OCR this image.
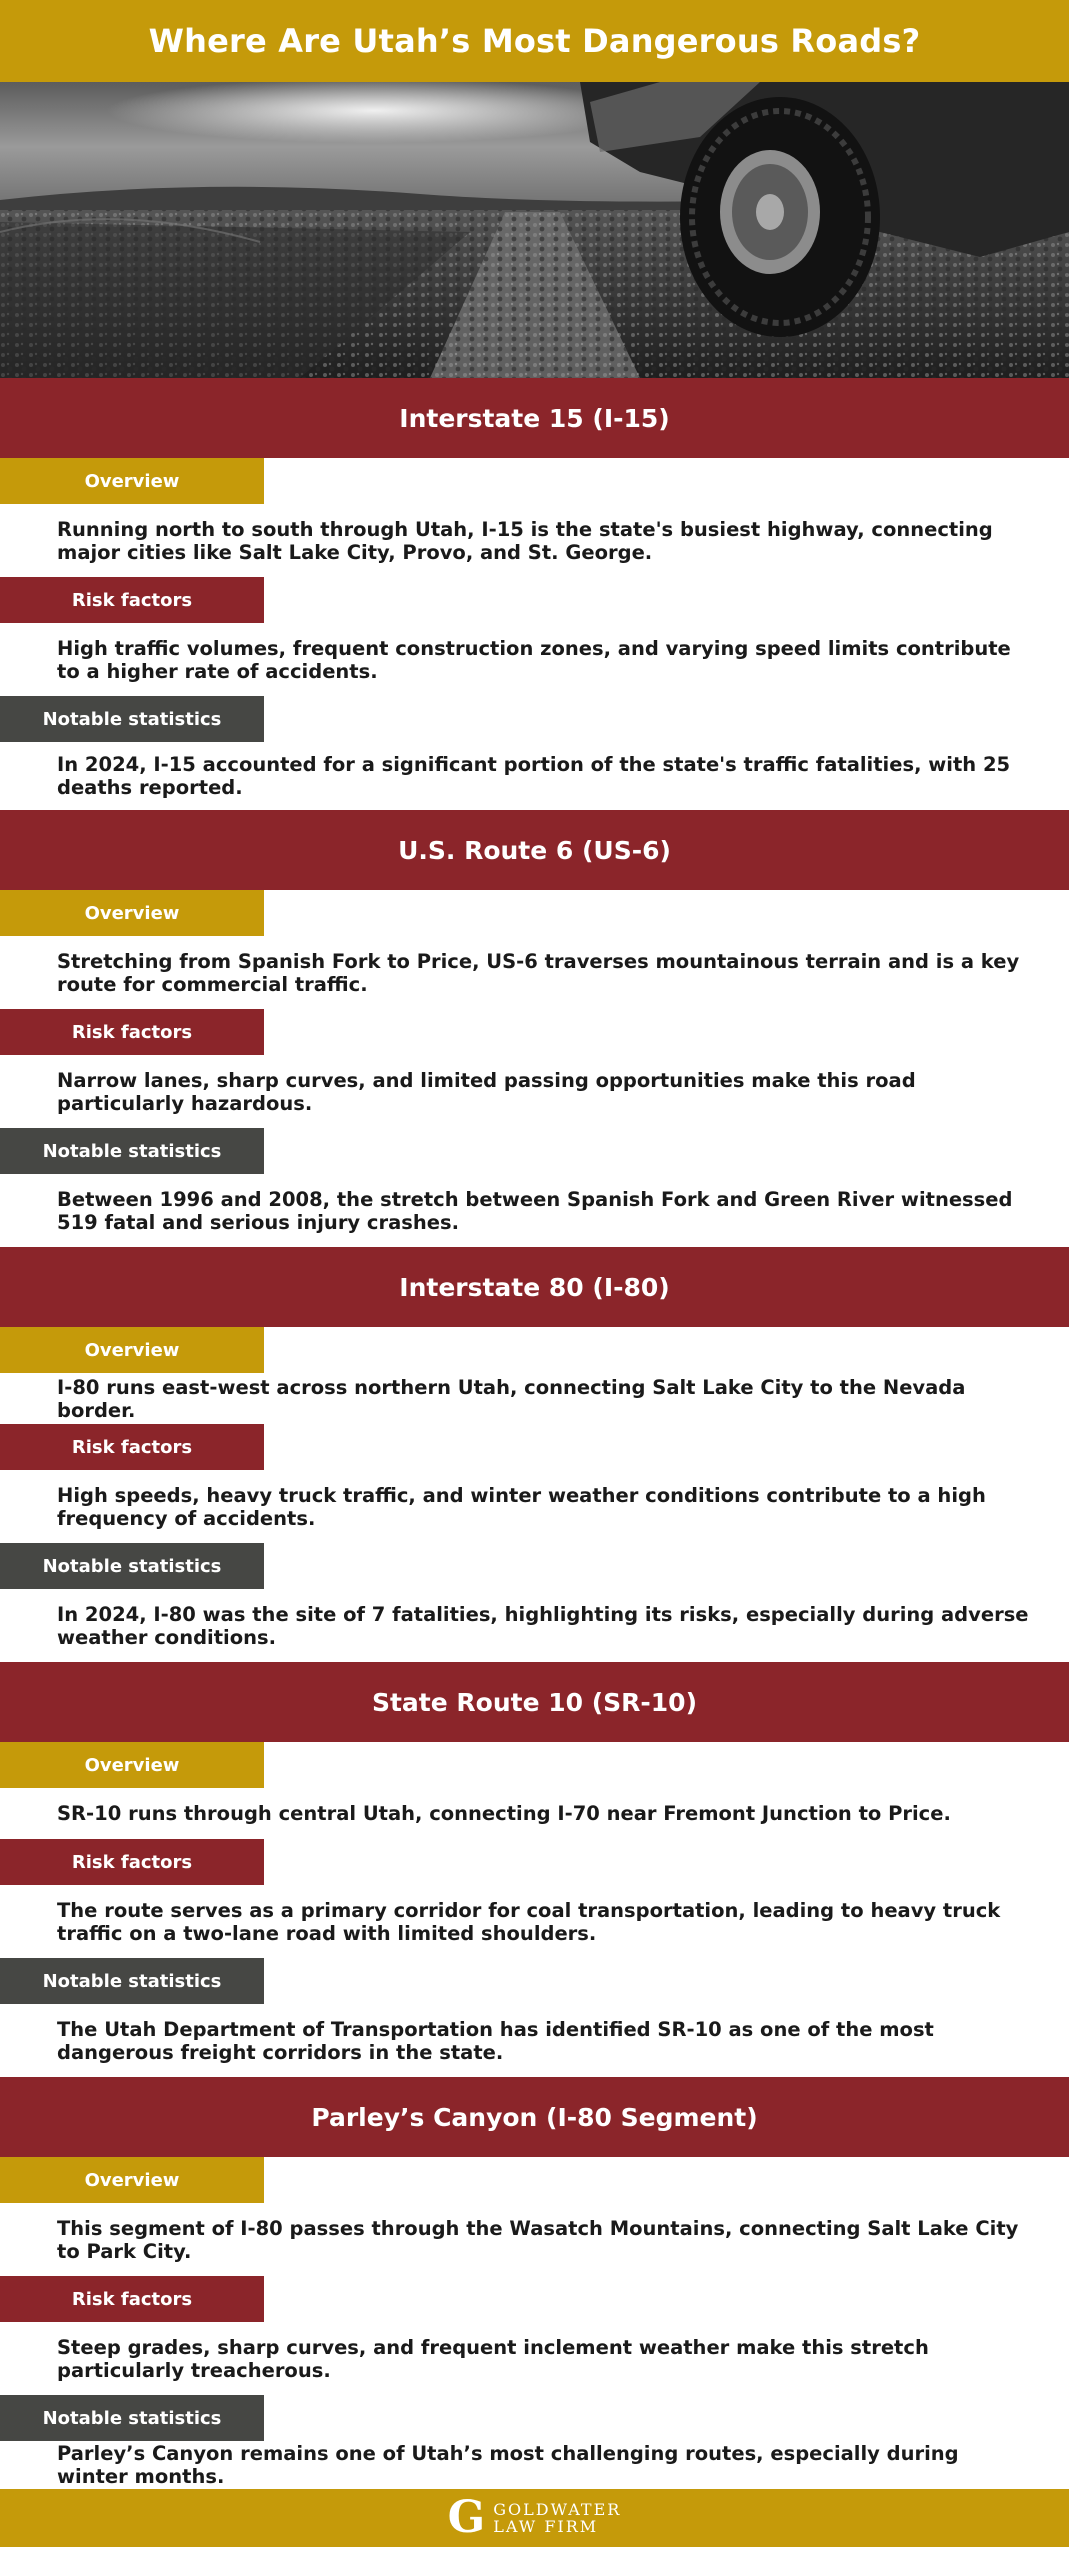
Where Are Utah’s Most Dangerous Roads?
Interstate 15 (I-15)
Overview
Running north to south through Utah, I-15 is the state's busiest highway, connecting major cities like Salt Lake City, Provo, and St. George.
Risk factors
High traffic volumes, frequent construction zones, and varying speed limits contribute to a higher rate of accidents.
Notable statistics
In 2024, I-15 accounted for a significant portion of the state's traffic fatalities, with 25 deaths reported.
U.S. Route 6 (US-6)
Overview
Stretching from Spanish Fork to Price, US-6 traverses mountainous terrain and is a key route for commercial traffic.
Risk factors
Narrow lanes, sharp curves, and limited passing opportunities make this road particularly hazardous.
Notable statistics
Between 1996 and 2008, the stretch between Spanish Fork and Green River witnessed 519 fatal and serious injury crashes.
Interstate 80 (I-80)
Overview
I-80 runs east-west across northern Utah, connecting Salt Lake City to the Nevada border.
Risk factors
High speeds, heavy truck traffic, and winter weather conditions contribute to a high frequency of accidents.
Notable statistics
In 2024, I-80 was the site of 7 fatalities, highlighting its risks, especially during adverse weather conditions.
State Route 10 (SR-10)
Overview
SR-10 runs through central Utah, connecting I-70 near Fremont Junction to Price.
Risk factors
The route serves as a primary corridor for coal transportation, leading to heavy truck traffic on a two-lane road with limited shoulders.
Notable statistics
The Utah Department of Transportation has identified SR-10 as one of the most dangerous freight corridors in the state.
Parley’s Canyon (I-80 Segment)
Overview
This segment of I-80 passes through the Wasatch Mountains, connecting Salt Lake City to Park City.
Risk factors
Steep grades, sharp curves, and frequent inclement weather make this stretch particularly treacherous.
Notable statistics
Parley’s Canyon remains one of Utah’s most challenging routes, especially during winter months.
G GOLDWATER
LAW FIRM
